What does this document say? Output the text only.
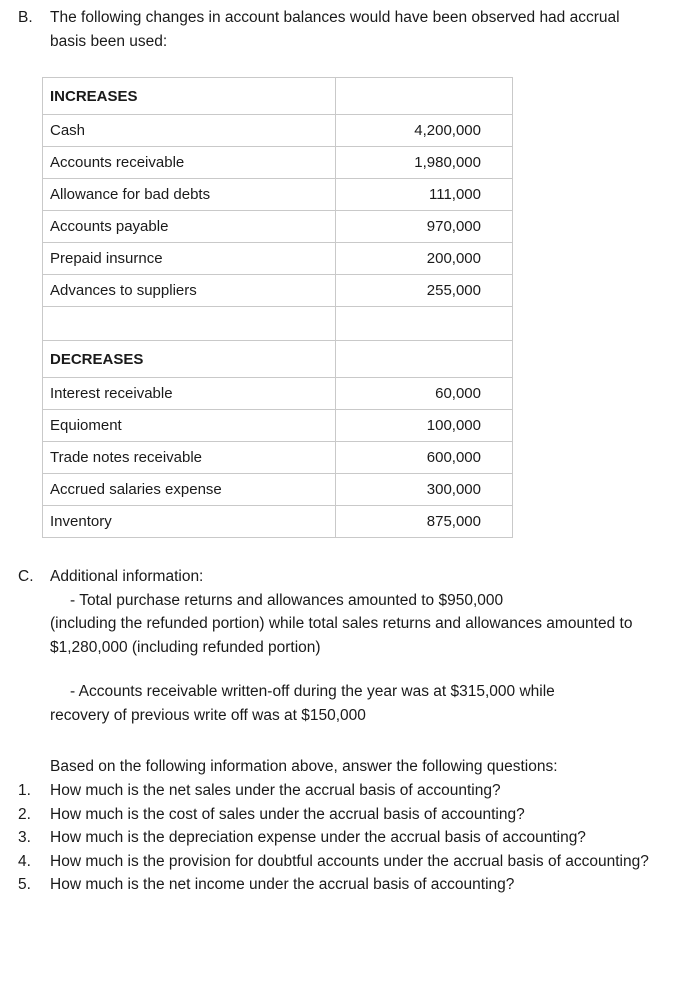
B.	The following changes in account balances would have been observed had accrual basis been used:
INCREASES	
Cash	4,200,000
Accounts receivable	1,980,000
Allowance for bad debts	111,000
Accounts payable	970,000
Prepaid insurnce	200,000
Advances to suppliers	255,000

DECREASES	
Interest receivable	60,000
Equioment	100,000
Trade notes receivable	600,000
Accrued salaries expense	300,000
Inventory	875,000
C.	Additional information:
- Total purchase returns and allowances amounted to $950,000
(including the refunded portion) while total sales returns and allowances amounted to $1,280,000 (including refunded portion)
- Accounts receivable written-off during the year was at $315,000 while
recovery of previous write off was at $150,000
Based on the following information above, answer the following questions:
1.	How much is the net sales under the accrual basis of accounting?
2.	How much is the cost of sales under the accrual basis of accounting?
3.	How much is the depreciation expense under the accrual basis of accounting?
4.	How much is the provision for doubtful accounts under the accrual basis of accounting?
5.	How much is the net income under the accrual basis of accounting?
